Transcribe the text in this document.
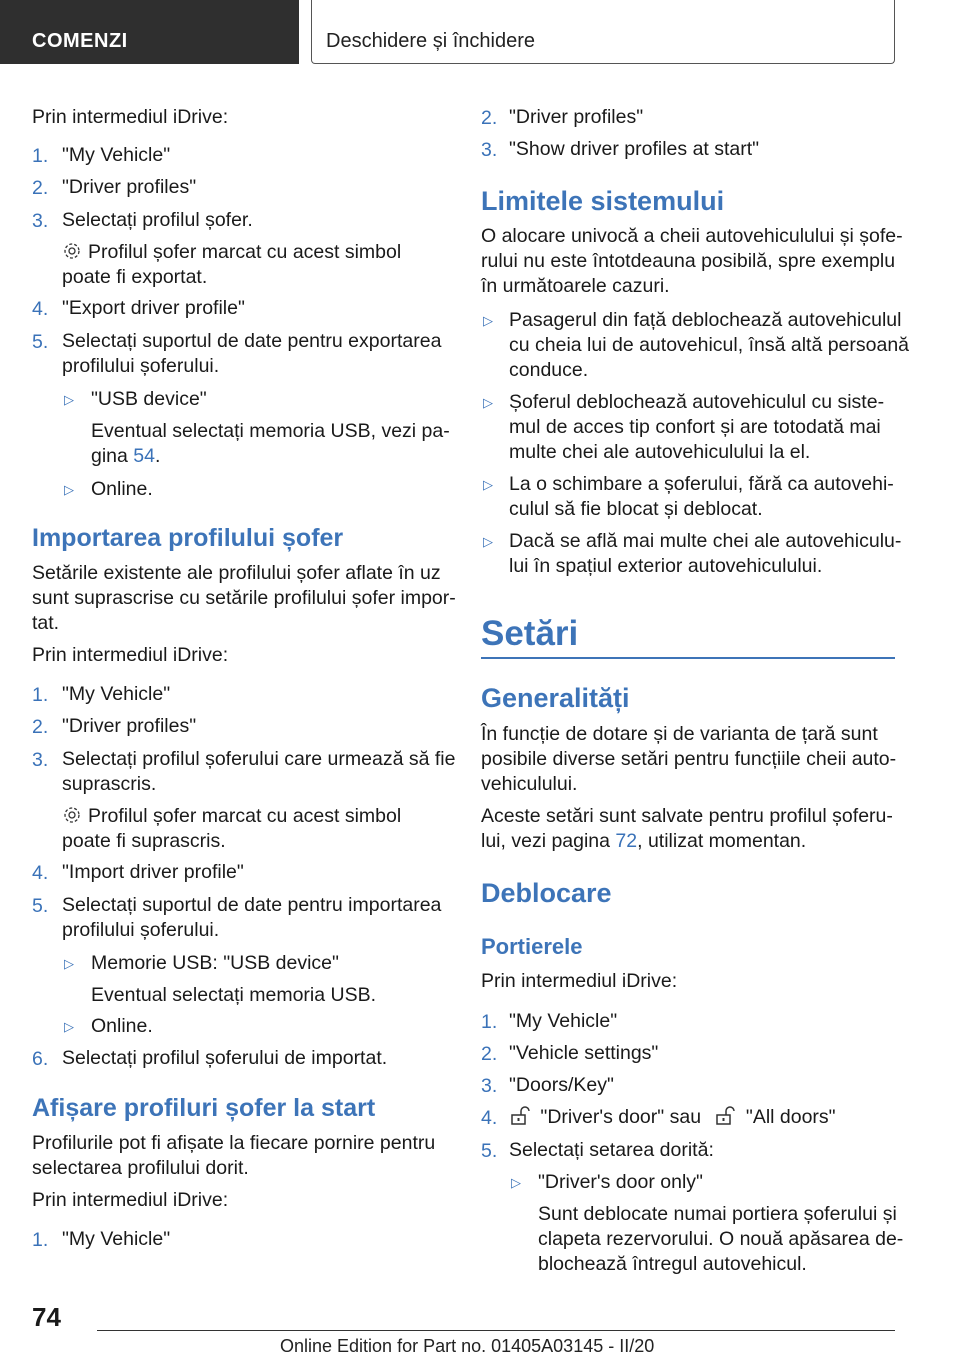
COMENZI	Deschidere și închidere
Prin intermediul iDrive:
1. "My Vehicle"
2. "Driver profiles"
3. Selectați profilul șofer.
Profilul șofer marcat cu acest simbol
poate fi exportat.
4. "Export driver profile"
5. Selectați suportul de date pentru exportarea
profilului șoferului.
▷ "USB device"
Eventual selectați memoria USB, vezi pa-
gina 54.
▷ Online.
Importarea profilului șofer
Setările existente ale profilului șofer aflate în uz
sunt suprascrise cu setările profilului șofer impor-
tat.
Prin intermediul iDrive:
1. "My Vehicle"
2. "Driver profiles"
3. Selectați profilul șoferului care urmează să fie
suprascris.
Profilul șofer marcat cu acest simbol
poate fi suprascris.
4. "Import driver profile"
5. Selectați suportul de date pentru importarea
profilului șoferului.
▷ Memorie USB: "USB device"
Eventual selectați memoria USB.
▷ Online.
6. Selectați profilul șoferului de importat.
Afișare profiluri șofer la start
Profilurile pot fi afișate la fiecare pornire pentru
selectarea profilului dorit.
Prin intermediul iDrive:
1. "My Vehicle"
2. "Driver profiles"
3. "Show driver profiles at start"
Limitele sistemului
O alocare univocă a cheii autovehiculului și șofe-
rului nu este întotdeauna posibilă, spre exemplu
în următoarele cazuri.
▷ Pasagerul din față deblochează autovehiculul
cu cheia lui de autovehicul, însă altă persoană
conduce.
▷ Șoferul deblochează autovehiculul cu siste-
mul de acces tip confort și are totodată mai
multe chei ale autovehiculului la el.
▷ La o schimbare a șoferului, fără ca autovehi-
culul să fie blocat și deblocat.
▷ Dacă se află mai multe chei ale autovehiculu-
lui în spațiul exterior autovehiculului.
Setări
Generalități
În funcție de dotare și de varianta de țară sunt
posibile diverse setări pentru funcțiile cheii auto-
vehiculului.
Aceste setări sunt salvate pentru profilul șoferu-
lui, vezi pagina 72, utilizat momentan.
Deblocare
Portierele
Prin intermediul iDrive:
1. "My Vehicle"
2. "Vehicle settings"
3. "Doors/Key"
4.	"Driver's door" sau "All doors"
5. Selectați setarea dorită:
▷ "Driver's door only"
Sunt deblocate numai portiera șoferului și
clapeta rezervorului. O nouă apăsarea de-
blochează întregul autovehicul.
74
Online Edition for Part no. 01405A03145 - II/20
